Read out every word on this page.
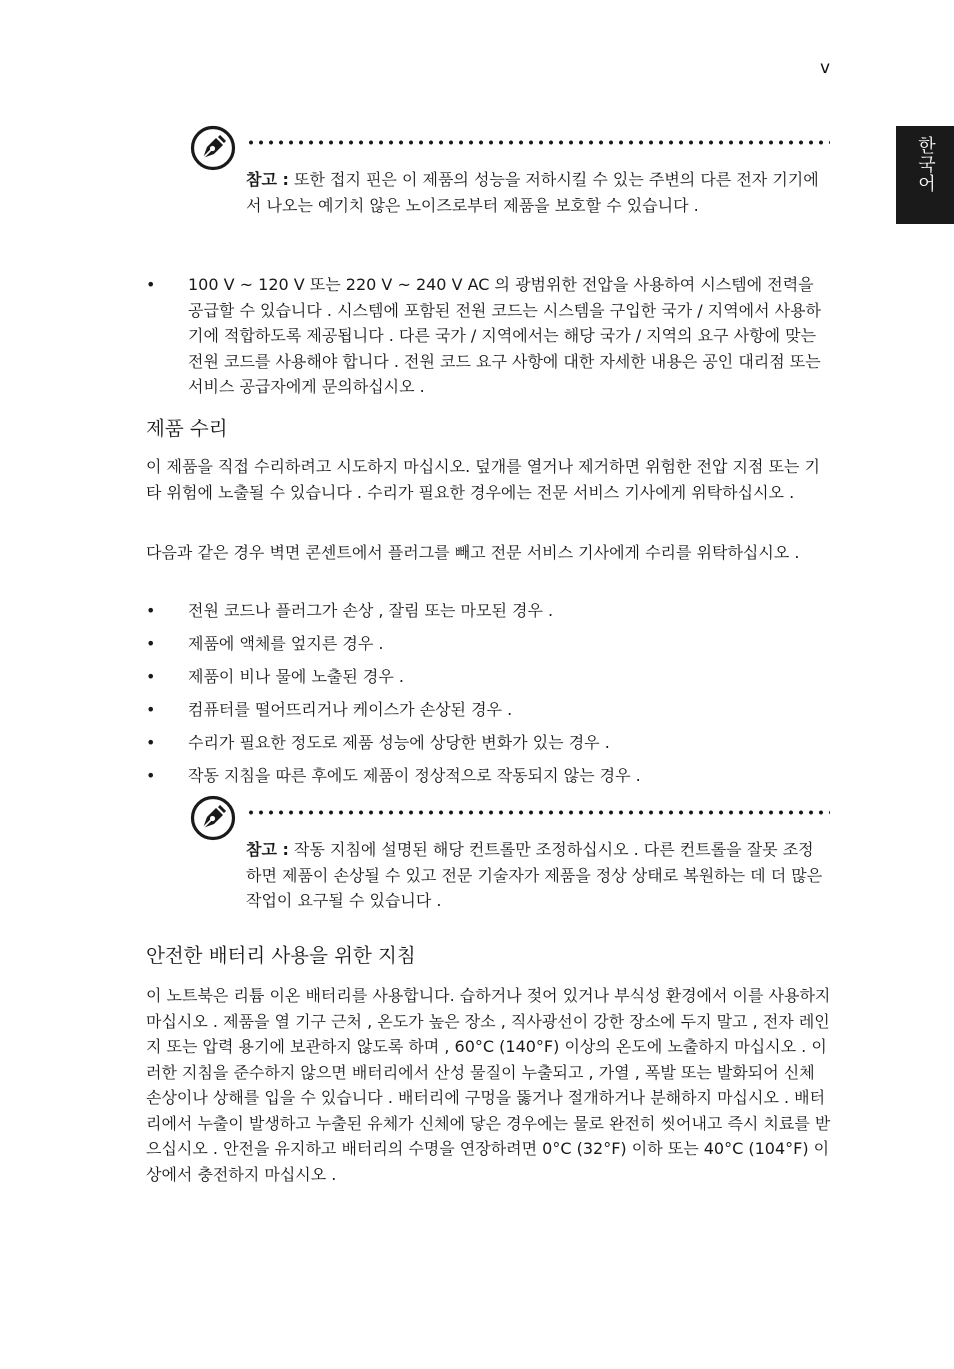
v
한국어

참고 : 또한 접지 핀은 이 제품의 성능을 저하시킬 수 있는 주변의 다른 전자 기기에서 나오는 예기치 않은 노이즈로부터 제품을 보호할 수 있습니다 .

• 100 V ~ 120 V 또는 220 V ~ 240 V AC 의 광범위한 전압을 사용하여 시스템에 전력을 공급할 수 있습니다 . 시스템에 포함된 전원 코드는 시스템을 구입한 국가 / 지역에서 사용하기에 적합하도록 제공됩니다 . 다른 국가 / 지역에서는 해당 국가 / 지역의 요구 사항에 맞는 전원 코드를 사용해야 합니다 . 전원 코드 요구 사항에 대한 자세한 내용은 공인 대리점 또는 서비스 공급자에게 문의하십시오 .
제품 수리

이 제품을 직접 수리하려고 시도하지 마십시오. 덮개를 열거나 제거하면 위험한 전압 지점 또는 기타 위험에 노출될 수 있습니다 . 수리가 필요한 경우에는 전문 서비스 기사에게 위탁하십시오 .

다음과 같은 경우 벽면 콘센트에서 플러그를 빼고 전문 서비스 기사에게 수리를 위탁하십시오 .

• 전원 코드나 플러그가 손상 , 잘림 또는 마모된 경우 .
• 제품에 액체를 엎지른 경우 .
• 제품이 비나 물에 노출된 경우 .
• 컴퓨터를 떨어뜨리거나 케이스가 손상된 경우 .
• 수리가 필요한 정도로 제품 성능에 상당한 변화가 있는 경우 .
• 작동 지침을 따른 후에도 제품이 정상적으로 작동되지 않는 경우 .

참고 : 작동 지침에 설명된 해당 컨트롤만 조정하십시오 . 다른 컨트롤을 잘못 조정하면 제품이 손상될 수 있고 전문 기술자가 제품을 정상 상태로 복원하는 데 더 많은 작업이 요구될 수 있습니다 .

안전한 배터리 사용을 위한 지침

이 노트북은 리튬 이온 배터리를 사용합니다. 습하거나 젖어 있거나 부식성 환경에서 이를 사용하지 마십시오 . 제품을 열 기구 근처 , 온도가 높은 장소 , 직사광선이 강한 장소에 두지 말고 , 전자 레인지 또는 압력 용기에 보관하지 않도록 하며 , 60°C (140°F) 이상의 온도에 노출하지 마십시오 . 이러한 지침을 준수하지 않으면 배터리에서 산성 물질이 누출되고 , 가열 , 폭발 또는 발화되어 신체 손상이나 상해를 입을 수 있습니다 . 배터리에 구멍을 뚫거나 절개하거나 분해하지 마십시오 . 배터리에서 누출이 발생하고 누출된 유체가 신체에 닿은 경우에는 물로 완전히 씻어내고 즉시 치료를 받으십시오 . 안전을 유지하고 배터리의 수명을 연장하려면 0°C (32°F) 이하 또는 40°C (104°F) 이상에서 충전하지 마십시오 .
